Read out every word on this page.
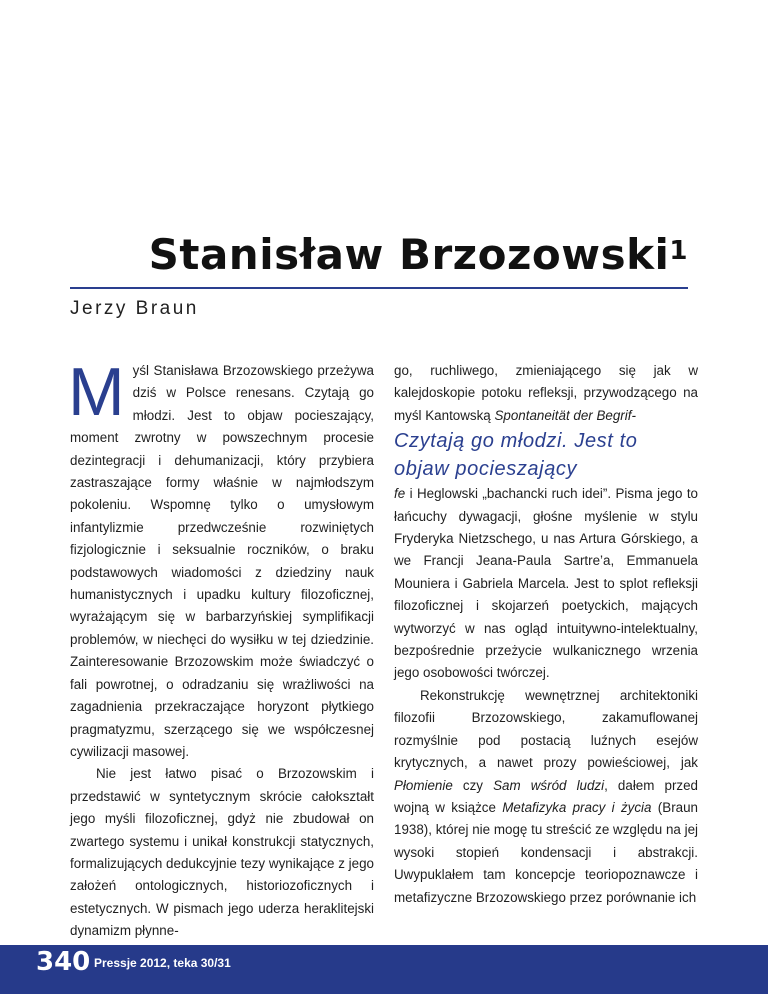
Stanisław Brzozowski$^1$

Jerzy Braun

Myśl Stanisława Brzozowskiego przeżywa dziś w Polsce renesans. Czytają go młodzi. Jest to objaw pocieszający, moment zwrotny w powszechnym procesie dezintegracji i dehumanizacji, który przybiera zastraszające formy właśnie w najmłodszym pokoleniu. Wspomnę tylko o umysłowym infantylizmie przedwcześnie rozwiniętych fizjologicznie i seksualnie roczników, o braku podstawowych wiadomości z dziedziny nauk humanistycznych i upadku kultury filozoficznej, wyrażającym się w barbarzyńskiej symplifikacji problemów, w niechęci do wysiłku w tej dziedzinie. Zainteresowanie Brzozowskim może świadczyć o fali powrotnej, o odradzaniu się wrażliwości na zagadnienia przekraczające horyzont płytkiego pragmatyzmu, szerzącego się we współczesnej cywilizacji masowej.

Nie jest łatwo pisać o Brzozowskim i przedstawić w syntetycznym skrócie całokształt jego myśli filozoficznej, gdyż nie zbudował on zwartego systemu i unikał konstrukcji statycznych, formalizujących dedukcyjnie tezy wynikające z jego założeń ontologicznych, historiozoficznych i estetycznych. W pismach jego uderza heraklitejski dynamizm płynne-

go, ruchliwego, zmieniającego się jak w kalejdoskopie potoku refleksji, przywodzącego na myśl Kantowską Spontaneität der Begrif-

Czytają go młodzi. Jest to objaw pocieszający

fe i Heglowski „bachancki ruch idei”. Pisma jego to łańcuchy dywagacji, głośne myślenie w stylu Fryderyka Nietzschego, u nas Artura Górskiego, a we Francji Jeana-Paula Sartre’a, Emmanuela Mouniera i Gabriela Marcela. Jest to splot refleksji filozoficznej i skojarzeń poetyckich, mających wytworzyć w nas ogląd intuitywno-intelektualny, bezpośrednie przeżycie wulkanicznego wrzenia jego osobowości twórczej.

Rekonstrukcję wewnętrznej architektoniki filozofii Brzozowskiego, zakamuflowanej rozmyślnie pod postacią luźnych esejów krytycznych, a nawet prozy powieściowej, jak Płomienie czy Sam wśród ludzi, dałem przed wojną w książce Metafizyka pracy i życia (Braun 1938), której nie mogę tu streścić ze względu na jej wysoki stopień kondensacji i abstrakcji. Uwypuklałem tam koncepcje teoriopoznawcze i metafizyczne Brzozowskiego przez porównanie ich

340 Pressje 2012, teka 30/31
